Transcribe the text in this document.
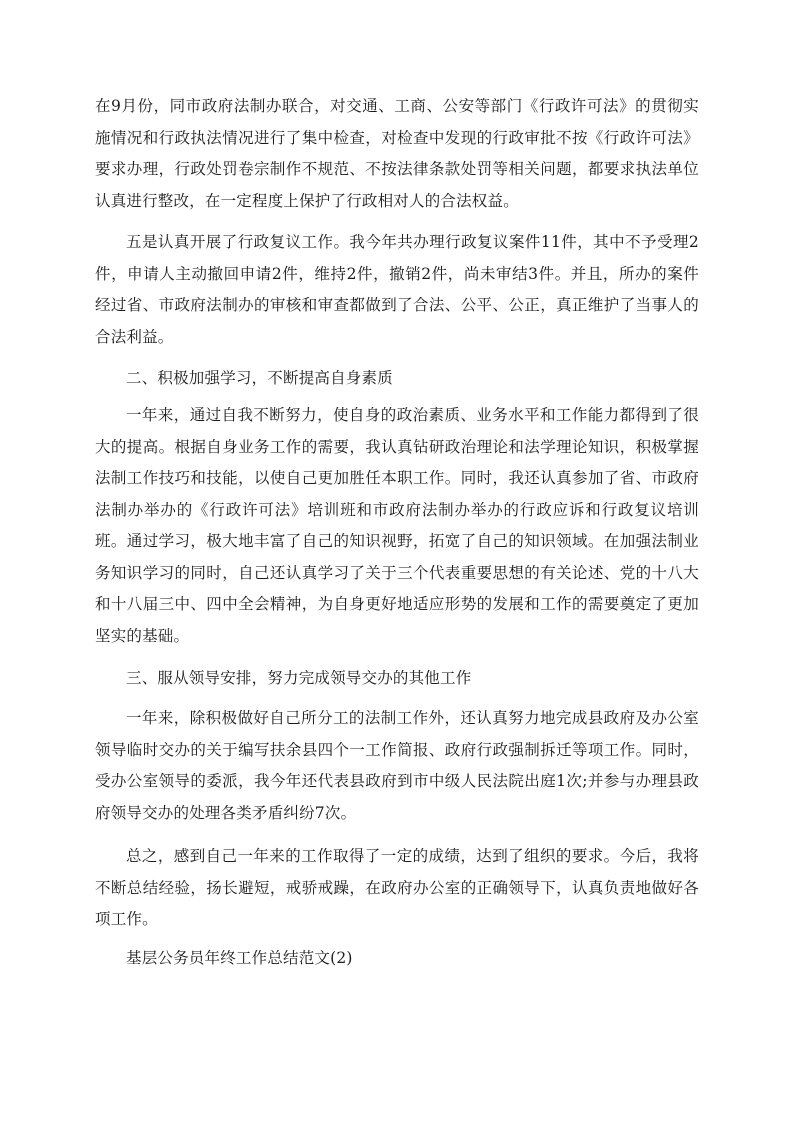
在9月份，同市政府法制办联合，对交通、工商、公安等部门《行政许可法》的贯彻实施情况和行政执法情况进行了集中检查，对检查中发现的行政审批不按《行政许可法》要求办理，行政处罚卷宗制作不规范、不按法律条款处罚等相关问题，都要求执法单位认真进行整改，在一定程度上保护了行政相对人的合法权益。

五是认真开展了行政复议工作。我今年共办理行政复议案件11件，其中不予受理2件，申请人主动撤回申请2件，维持2件，撤销2件，尚未审结3件。并且，所办的案件经过省、市政府法制办的审核和审查都做到了合法、公平、公正，真正维护了当事人的合法利益。

二、积极加强学习，不断提高自身素质

一年来，通过自我不断努力，使自身的政治素质、业务水平和工作能力都得到了很大的提高。根据自身业务工作的需要，我认真钻研政治理论和法学理论知识，积极掌握法制工作技巧和技能，以使自己更加胜任本职工作。同时，我还认真参加了省、市政府法制办举办的《行政许可法》培训班和市政府法制办举办的行政应诉和行政复议培训班。通过学习，极大地丰富了自己的知识视野，拓宽了自己的知识领域。在加强法制业务知识学习的同时，自己还认真学习了关于三个代表重要思想的有关论述、党的十八大和十八届三中、四中全会精神，为自身更好地适应形势的发展和工作的需要奠定了更加坚实的基础。

三、服从领导安排，努力完成领导交办的其他工作

一年来，除积极做好自己所分工的法制工作外，还认真努力地完成县政府及办公室领导临时交办的关于编写扶余县四个一工作简报、政府行政强制拆迁等项工作。同时，受办公室领导的委派，我今年还代表县政府到市中级人民法院出庭1次;并参与办理县政府领导交办的处理各类矛盾纠纷7次。

总之，感到自己一年来的工作取得了一定的成绩，达到了组织的要求。今后，我将不断总结经验，扬长避短，戒骄戒躁，在政府办公室的正确领导下，认真负责地做好各项工作。

基层公务员年终工作总结范文(2)
